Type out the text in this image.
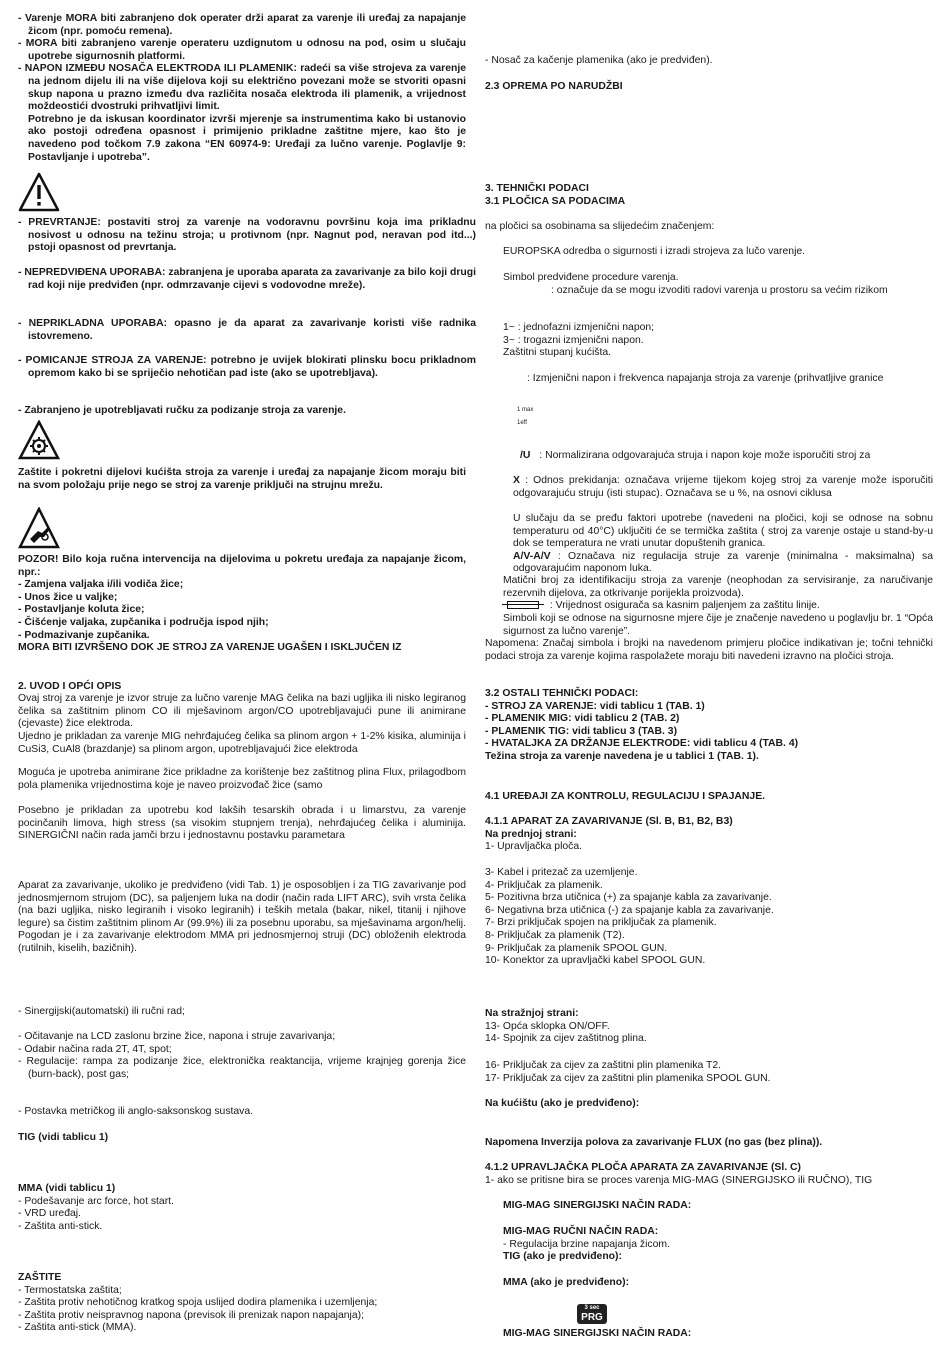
- Varenje MORA biti zabranjeno dok operater drži aparat za varenje ili uređaj za napajanje žicom (npr. pomoću remena).

- MORA biti zabranjeno varenje operateru uzdignutom u odnosu na pod, osim u slučaju upotrebe sigurnosnih platformi.

- NAPON IZMEĐU NOSAČA ELEKTRODA ILI PLAMENIK: radeći sa više strojeva za varenje na jednom dijelu ili na više dijelova koji su električno povezani može se stvoriti opasni skup napona u prazno između dva različita nosača elektroda ili plamenik, a vrijednost moždeostići dvostruki prihvatljivi limit.

Potrebno je da iskusan koordinator izvrši mjerenje sa instrumentima kako bi ustanovio ako postoji određena opasnost i primijenio prikladne zaštitne mjere, kao što je navedeno pod točkom 7.9 zakona “EN 60974-9: Uređaji za lučno varenje. Poglavlje 9: Postavljanje i upotreba”.

- PREVRTANJE: postaviti stroj za varenje na vodoravnu površinu koja ima prikladnu nosivost u odnosu na težinu stroja; u protivnom (npr. Nagnut pod, neravan pod itd...) pstoji opasnost od prevrtanja.
- NEPREDVIĐENA UPORABA: zabranjena je uporaba aparata za zavarivanje za bilo koji drugi rad koji nije predviđen (npr. odmrzavanje cijevi s vodovodne mreže).
- NEPRIKLADNA UPORABA: opasno je da aparat za zavarivanje koristi više radnika istovremeno.
- POMICANJE STROJA ZA VARENJE: potrebno je uvijek blokirati plinsku bocu prikladnom opremom kako bi se spriječio nehotičan pad iste (ako se upotrebljava).
- Zabranjeno je upotrebljavati ručku za podizanje stroja za varenje.
Zaštite i pokretni dijelovi kućišta stroja za varenje i uređaj za napajanje žicom moraju biti na svom položaju prije nego se stroj za varenje priključi na strujnu mrežu.

POZOR! Bilo koja ručna intervencija na dijelovima u pokretu uređaja za napajanje žicom, npr.:

- Zamjena valjaka i/ili vodiča žice;

- Unos žice u valjke;

- Postavljanje koluta žice;

- Čišćenje valjaka, zupčanika i područja ispod njih;

- Podmazivanje zupčanika.

MORA BITI IZVRŠENO DOK JE STROJ ZA VARENJE UGAŠEN I ISKLJUČEN IZ

2. UVOD I OPĆI OPIS
Ovaj stroj za varenje je izvor struje za lučno varenje MAG čelika na bazi ugljika ili nisko legiranog čelika sa zaštitnim plinom CO ili mješavinom argon/CO upotrebljavajući pune ili animirane (cjevaste) žice elektroda.
Ujedno je prikladan za varenje MIG nehrđajućeg čelika sa plinom argon + 1-2% kisika, aluminija i CuSi3, CuAl8 (brazdanje) sa plinom argon, upotrebljavajući žice elektroda
Moguća je upotreba animirane žice prikladne za korištenje bez zaštitnog plina Flux, prilagodbom pola plamenika vrijednostima koje je naveo proizvođač žice (samo
Posebno je prikladan za upotrebu kod lakših tesarskih obrada i u limarstvu, za varenje pocinčanih limova, high stress (sa visokim stupnjem trenja), nehrđajućeg čelika i aluminija. SINERGIČNI način rada jamči brzu i jednostavnu postavku parametara
Aparat za zavarivanje, ukoliko je predviđeno (vidi Tab. 1) je osposobljen i za TIG zavarivanje pod jednosmjernom strujom (DC), sa paljenjem luka na dodir (način rada LIFT ARC), svih vrsta čelika (na bazi ugljika, nisko legiranih i visoko legiranih) i teških metala (bakar, nikel, titanij i njihove legure) sa čistim zaštitnim plinom Ar (99.9%) ili za posebnu uporabu, sa mješavinama argon/helij. Pogodan je i za zavarivanje elektrodom MMA pri jednosmjernoj struji (DC) obloženih elektroda (rutilnih, kiselih, bazičnih).
- Sinergijski(automatski) ili ručni rad;

- Očitavanje na LCD zaslonu brzine žice, napona i struje zavarivanja;

- Odabir načina rada 2T, 4T, spot;

- Regulacije: rampa za podizanje žice, elektronička reaktancija, vrijeme krajnjeg gorenja žice (burn-back), post gas;

- Postavka metričkog ili anglo-saksonskog sustava.
TIG (vidi tablicu 1)

MMA (vidi tablicu 1)

- Podešavanje arc force, hot start.

- VRD uređaj.

- Zaštita anti-stick.

ZAŠTITE

- Termostatska zaštita;

- Zaštita protiv nehotičnog kratkog spoja uslijed dodira plamenika i uzemljenja;

- Zaštita protiv neispravnog napona (previsok ili prenizak napon napajanja);

- Zaštita anti-stick (MMA).

- Nosač za kačenje plamenika (ako je predviđen).
2.3 OPREMA PO NARUDŽBI
3. TEHNIČKI PODACI
3.1 PLOČICA SA PODACIMA
na pločici sa osobinama sa slijedećim značenjem:
EUROPSKA odredba o sigurnosti i izradi strojeva za lučo varenje.
Simbol predviđene procedure varenja.
: označuje da se mogu izvoditi radovi varenja u prostoru sa većim rizikom

1~ : jednofazni izmjenični napon;

3~ : trogazni izmjenični napon.

Zaštitni stupanj kućišta.

: Izmjenični napon i frekvenca napajanja stroja za varenje (prihvatljive granice
1 max
1eff
/U : Normalizirana odgovarajuća struja i napon koje može isporučiti stroj za
X : Odnos prekidanja: označava vrijeme tijekom kojeg stroj za varenje može isporučiti odgovarajuću struju (isti stupac). Označava se u %, na osnovi ciklusa

U slučaju da se pređu faktori upotrebe (navedeni na pločici, koji se odnose na sobnu temperaturu od 40°C) uključiti će se termička zaštita ( stroj za varenje ostaje u stand-by-u dok se temperatura ne vrati unutar dopuštenih granica.

A/V-A/V : Označava niz regulacija struje za varenje (minimalna - maksimalna) sa odgovarajućim naponom luka.

Matični broj za identifikaciju stroja za varenje (neophodan za servisiranje, za naručivanje rezervnih dijelova, za otkrivanje porijekla proizvoda).
: Vrijednost osigurača sa kasnim paljenjem za zaštitu linije.
Simboli koji se odnose na sigurnosne mjere čije je značenje navedeno u poglavlju br. 1 “Opća sigurnost za lučno varenje”.
Napomena: Značaj simbola i brojki na navedenom primjeru pločice indikativan je; točni tehnički podaci stroja za varenje kojima raspolažete moraju biti navedeni izravno na pločici stroja.

3.2 OSTALI TEHNIČKI PODACI:

- STROJ ZA VARENJE: vidi tablicu 1 (TAB. 1)

- PLAMENIK MIG: vidi tablicu 2 (TAB. 2)

- PLAMENIK TIG: vidi tablicu 3 (TAB. 3)

- HVATALJKA ZA DRŽANJE ELEKTRODE: vidi tablicu 4 (TAB. 4)

Težina stroja za varenje navedena je u tablici 1 (TAB. 1).

4.1 UREĐAJI ZA KONTROLU, REGULACIJU I SPAJANJE.

4.1.1 APARAT ZA ZAVARIVANJE (Sl. B, B1, B2, B3)

Na prednjoj strani:

1- Upravljačka ploča.

3- Kabel i pritezač za uzemljenje.

4- Priključak za plamenik.

5- Pozitivna brza utičnica (+) za spajanje kabla za zavarivanje.

6- Negativna brza utičnica (-) za spajanje kabla za zavarivanje.

7- Brzi priključak spojen na priključak za plamenik.

8- Priključak za plamenik (T2).

9- Priključak za plamenik SPOOL GUN.

10- Konektor za upravljački kabel SPOOL GUN.

Na stražnjoj strani:

13- Opća sklopka ON/OFF.

14- Spojnik za cijev zaštitnog plina.

16- Priključak za cijev za zaštitni plin plamenika T2.

17- Priključak za cijev za zaštitni plin plamenika SPOOL GUN.

Na kućištu (ako je predviđeno):
Napomena Inverzija polova za zavarivanje FLUX (no gas (bez plina)).

4.1.2 UPRAVLJAČKA PLOČA APARATA ZA ZAVARIVANJE (Sl. C)

1- ako se pritisne bira se proces varenja MIG-MAG (SINERGIJSKO ili RUČNO), TIG

MIG-MAG SINERGIJSKI NAČIN RADA:

MIG-MAG RUČNI NAČIN RADA:

- Regulacija brzine napajanja žicom.

TIG (ako je predviđeno):

MMA (ako je predviđeno):
3 sec
PRG
MIG-MAG SINERGIJSKI NAČIN RADA:
